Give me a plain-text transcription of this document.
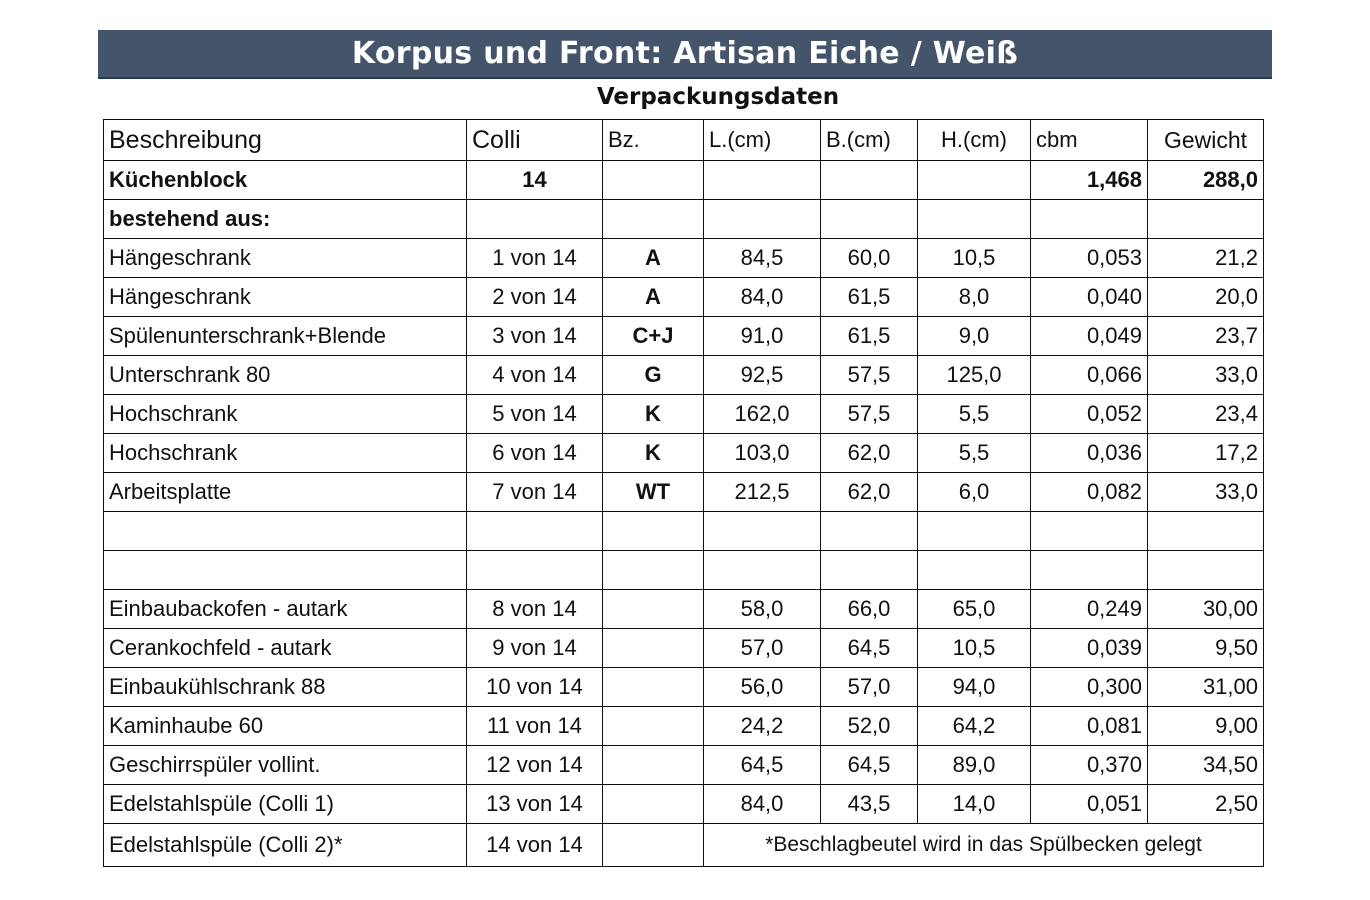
Korpus und Front: Artisan Eiche / Weiß
Verpackungsdaten
Beschreibung	Colli	Bz.	L.(cm)	B.(cm)	H.(cm)	cbm	Gewicht
Küchenblock	14					1,468	288,0
bestehend aus:							
Hängeschrank	1 von 14	A	84,5	60,0	10,5	0,053	21,2
Hängeschrank	2 von 14	A	84,0	61,5	8,0	0,040	20,0
Spülenunterschrank+Blende	3 von 14	C+J	91,0	61,5	9,0	0,049	23,7
Unterschrank 80	4 von 14	G	92,5	57,5	125,0	0,066	33,0
Hochschrank	5 von 14	K	162,0	57,5	5,5	0,052	23,4
Hochschrank	6 von 14	K	103,0	62,0	5,5	0,036	17,2
Arbeitsplatte	7 von 14	WT	212,5	62,0	6,0	0,082	33,0

Einbaubackofen - autark	8 von 14		58,0	66,0	65,0	0,249	30,00
Cerankochfeld - autark	9 von 14		57,0	64,5	10,5	0,039	9,50
Einbaukühlschrank 88	10 von 14		56,0	57,0	94,0	0,300	31,00
Kaminhaube 60	11 von 14		24,2	52,0	64,2	0,081	9,00
Geschirrspüler vollint.	12 von 14		64,5	64,5	89,0	0,370	34,50
Edelstahlspüle (Colli 1)	13 von 14		84,0	43,5	14,0	0,051	2,50
Edelstahlspüle (Colli 2)*	14 von 14		*Beschlagbeutel wird in das Spülbecken gelegt				
